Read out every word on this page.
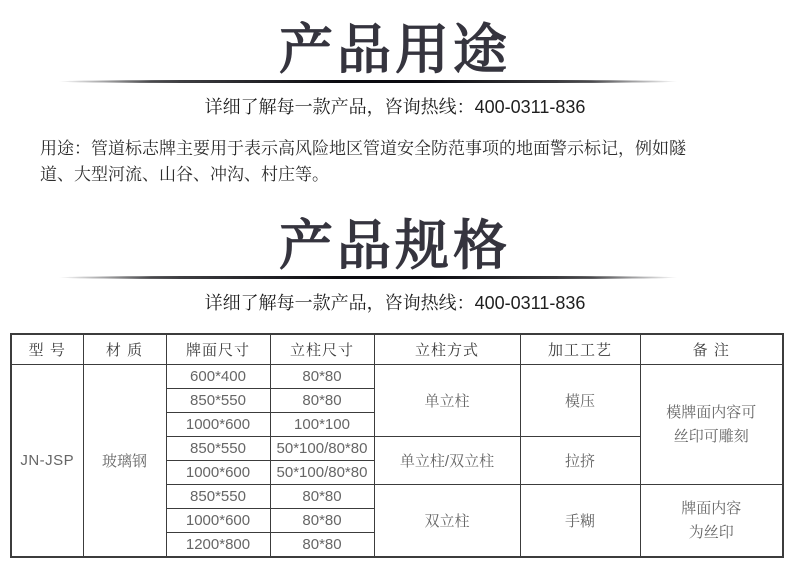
产品用途

详细了解每一款产品，咨询热线：400-0311-836

用途：管道标志牌主要用于表示高风险地区管道安全防范事项的地面警示标记，例如隧道、大型河流、山谷、冲沟、村庄等。

产品规格

详细了解每一款产品，咨询热线：400-0311-836

型 号	材 质	牌面尺寸	立柱尺寸	立柱方式	加工工艺	备 注
JN-JSP	玻璃钢	600*400	80*80	单立柱	模压	模牌面内容可
丝印可雕刻

		850*550	80*80			
		1000*600	100*100			
		850*550	50*100/80*80	单立柱/双立柱	拉挤	
		1000*600	50*100/80*80			
		850*550	80*80	双立柱	手糊	牌面内容
为丝印

		1000*600	80*80			
		1200*800	80*80			
